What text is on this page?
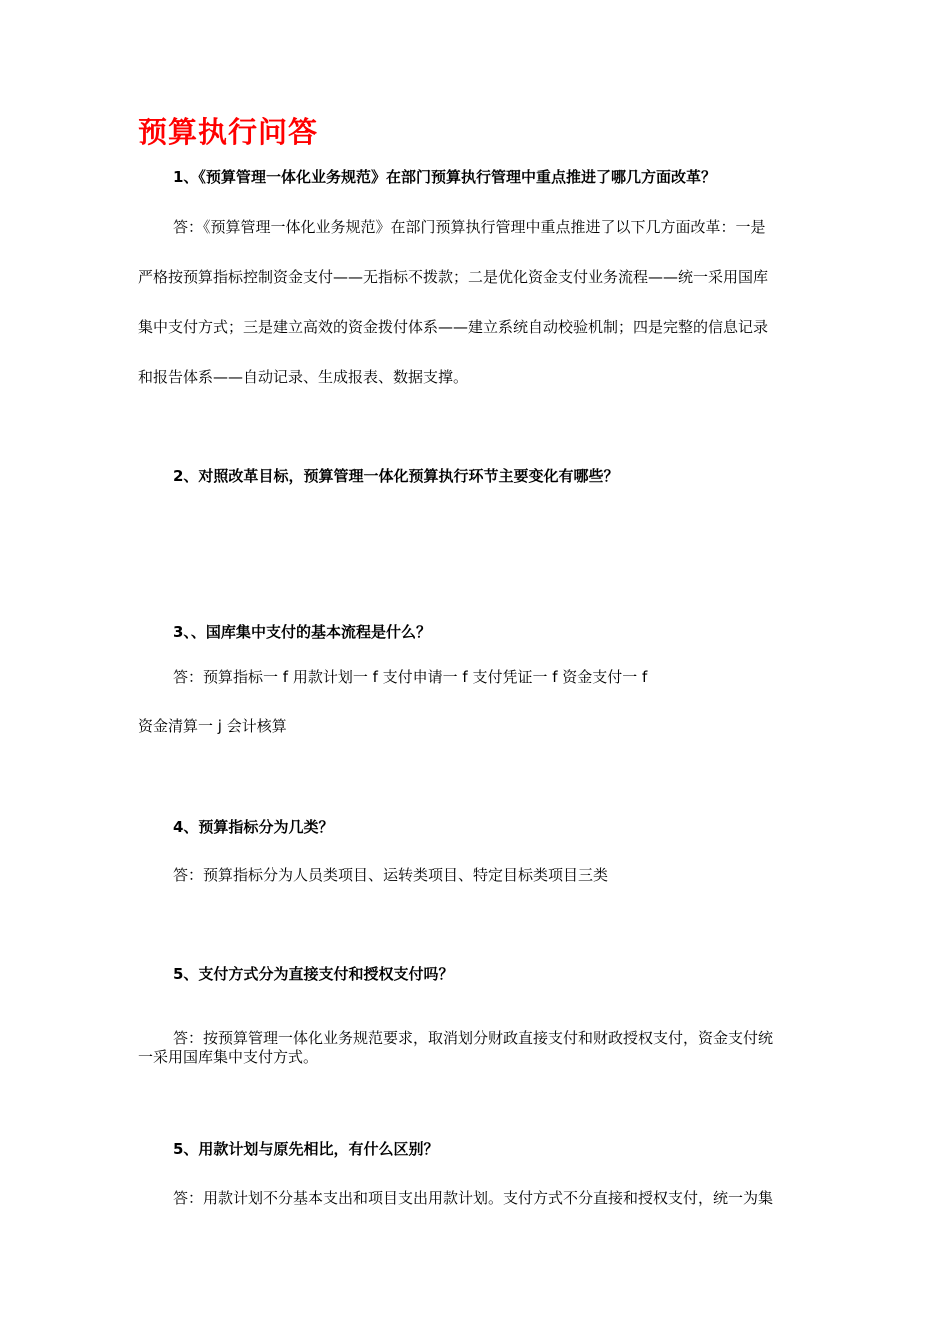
预算执行问答
1、《预算管理一体化业务规范》在部门预算执行管理中重点推进了哪几方面改革？
答：《预算管理一体化业务规范》在部门预算执行管理中重点推进了以下几方面改革：一是
严格按预算指标控制资金支付——无指标不拨款；二是优化资金支付业务流程——统一采用国库
集中支付方式；三是建立高效的资金拨付体系——建立系统自动校验机制；四是完整的信息记录
和报告体系——自动记录、生成报表、数据支撑。
2、对照改革目标，预算管理一体化预算执行环节主要变化有哪些？
3、、国库集中支付的基本流程是什么？
答：预算指标一 f 用款计划一 f 支付申请一 f 支付凭证一 f 资金支付一 f
资金清算一 j 会计核算
4、预算指标分为几类？
答：预算指标分为人员类项目、运转类项目、特定目标类项目三类
5、支付方式分为直接支付和授权支付吗？
答：按预算管理一体化业务规范要求，取消划分财政直接支付和财政授权支付，资金支付统
一采用国库集中支付方式。
5、用款计划与原先相比，有什么区别？
答：用款计划不分基本支出和项目支出用款计划。支付方式不分直接和授权支付，统一为集
